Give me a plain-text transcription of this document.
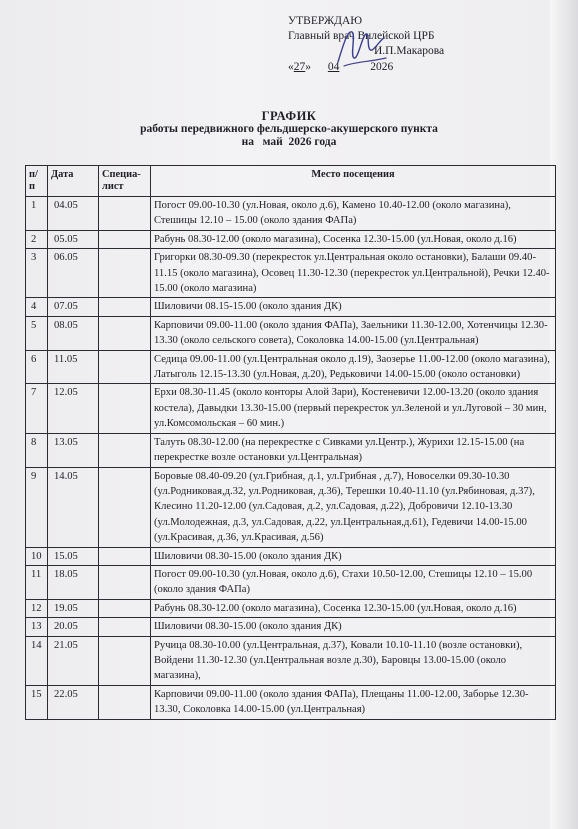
УТВЕРЖДАЮ
Главный врач Вилейской ЦРБ
И.П.Макарова
«27» 04	2026
ГРАФИК
работы передвижного фельдшерско-акушерского пункта
на   май  2026 года
п/ п	Дата	Специа- лист	Место посещения
1	04.05		Погост 09.00-10.30 (ул.Новая, около д.6), Камено 10.40-12.00 (около магазина), Стешицы 12.10 – 15.00 (около здания ФАПа)
2	05.05		Рабунь 08.30-12.00 (около магазина), Сосенка 12.30-15.00 (ул.Новая, около д.16)
3	06.05		Григорки 08.30-09.30 (перекресток ул.Центральная около остановки), Балаши 09.40-11.15 (около магазина), Осовец 11.30-12.30 (перекресток ул.Центральной), Речки 12.40-15.00 (около магазина)
4	07.05		Шиловичи 08.15-15.00 (около здания ДК)
5	08.05		Карповичи 09.00-11.00 (около здания ФАПа), Заельники 11.30-12.00, Хотенчицы 12.30-13.30 (около сельского совета), Соколовка 14.00-15.00 (ул.Центральная)
6	11.05		Седица 09.00-11.00 (ул.Центральная около д.19), Заозерье 11.00-12.00 (около магазина), Латыголь 12.15-13.30 (ул.Новая, д.20), Редьковичи 14.00-15.00 (около остановки)
7	12.05		Ерхи 08.30-11.45 (около конторы Алой Зари), Костеневичи 12.00-13.20 (около здания костела), Давыдки 13.30-15.00 (первый перекресток ул.Зеленой и ул.Луговой – 30 мин, ул.Комсомольская – 60 мин.)
8	13.05		Талуть 08.30-12.00 (на перекрестке с Сивками ул.Центр.), Журихи 12.15-15.00 (на перекрестке возле остановки ул.Центральная)
9	14.05		Боровые 08.40-09.20 (ул.Грибная, д.1, ул.Грибная , д.7), Новоселки 09.30-10.30 (ул.Родниковая,д.32, ул.Родниковая, д.36), Терешки 10.40-11.10 (ул.Рябиновая, д.37), Клесино 11.20-12.00 (ул.Садовая, д.2, ул.Садовая, д.22), Добровичи 12.10-13.30 (ул.Молодежная, д.3, ул.Садовая, д.22, ул.Центральная,д.61), Гедевичи 14.00-15.00 (ул.Красивая, д.36, ул.Красивая, д.56)
10	15.05		Шиловичи 08.30-15.00 (около здания ДК)
11	18.05		Погост 09.00-10.30 (ул.Новая, около д.6), Стахи 10.50-12.00, Стешицы 12.10 – 15.00 (около здания ФАПа)
12	19.05		Рабунь 08.30-12.00 (около магазина), Сосенка 12.30-15.00 (ул.Новая, около д.16)
13	20.05		Шиловичи 08.30-15.00 (около здания ДК)
14	21.05		Ручица 08.30-10.00 (ул.Центральная, д.37), Ковали 10.10-11.10 (возле остановки), Войдени 11.30-12.30 (ул.Центральная возле д.30), Баровцы 13.00-15.00 (около магазина),
15	22.05		Карповичи 09.00-11.00 (около здания ФАПа), Плещаны 11.00-12.00, Заборье 12.30-13.30, Соколовка 14.00-15.00 (ул.Центральная)
